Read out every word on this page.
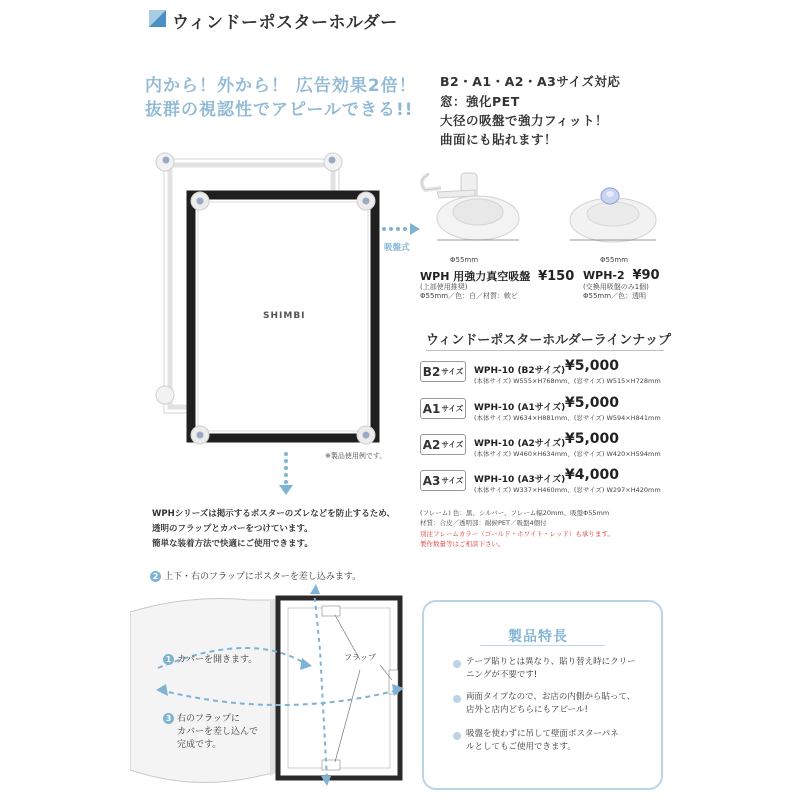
ウィンドーポスターホルダー
内から！外から！ 広告効果2倍！
抜群の視認性でアピールできる!!
B2・A1・A2・A3サイズ対応
窓：強化PET
大径の吸盤で強力フィット！
曲面にも貼れます！
SHIMBI
※製品使用例です。
吸盤式
Φ55mm	Φ55mm
WPH 用強力真空吸盤 ¥150
(上部使用推奨)
Φ55mm／色：白／材質：軟ビ
WPH-2 ¥90
(交換用吸盤のみ1個)
Φ55mm／色：透明
ウィンドーポスターホルダーラインナップ
B2 サイズ WPH-10 (B2サイズ) ¥5,000
(本体サイズ) W555×H768mm、(窓サイズ) W515×H728mm
A1 サイズ WPH-10 (A1サイズ) ¥5,000
(本体サイズ) W634×H881mm、(窓サイズ) W594×H841mm
A2 サイズ WPH-10 (A2サイズ) ¥5,000
(本体サイズ) W460×H634mm、(窓サイズ) W420×H594mm
A3 サイズ WPH-10 (A3サイズ) ¥4,000
(本体サイズ) W337×H460mm、(窓サイズ) W297×H420mm
(フレーム) 色：黒、シルバー、フレーム幅20mm、吸盤Φ55mm
材質：合皮／透明部：耐候PET／吸盤4個付
別注フレームカラー（ゴールド・ホワイト・レッド）も承ります。
製作数量等はご相談下さい。
WPHシリーズは掲示するポスターのズレなどを防止するため、
透明のフラップとカバーをつけています。
簡単な装着方法で快適にご使用できます。
2 上下・右のフラップにポスターを差し込みます。
フラップ
1 カバーを開きます。
3 右のフラップに
カバーを差し込んで
完成です。
製品特長
テープ貼りとは異なり、貼り替え時にクリー
ニングが不要です!
両面タイプなので、お店の内側から貼って、
店外と店内どちらにもアピール!
吸盤を使わずに吊して壁面ポスターパネ
ルとしてもご使用できます。
